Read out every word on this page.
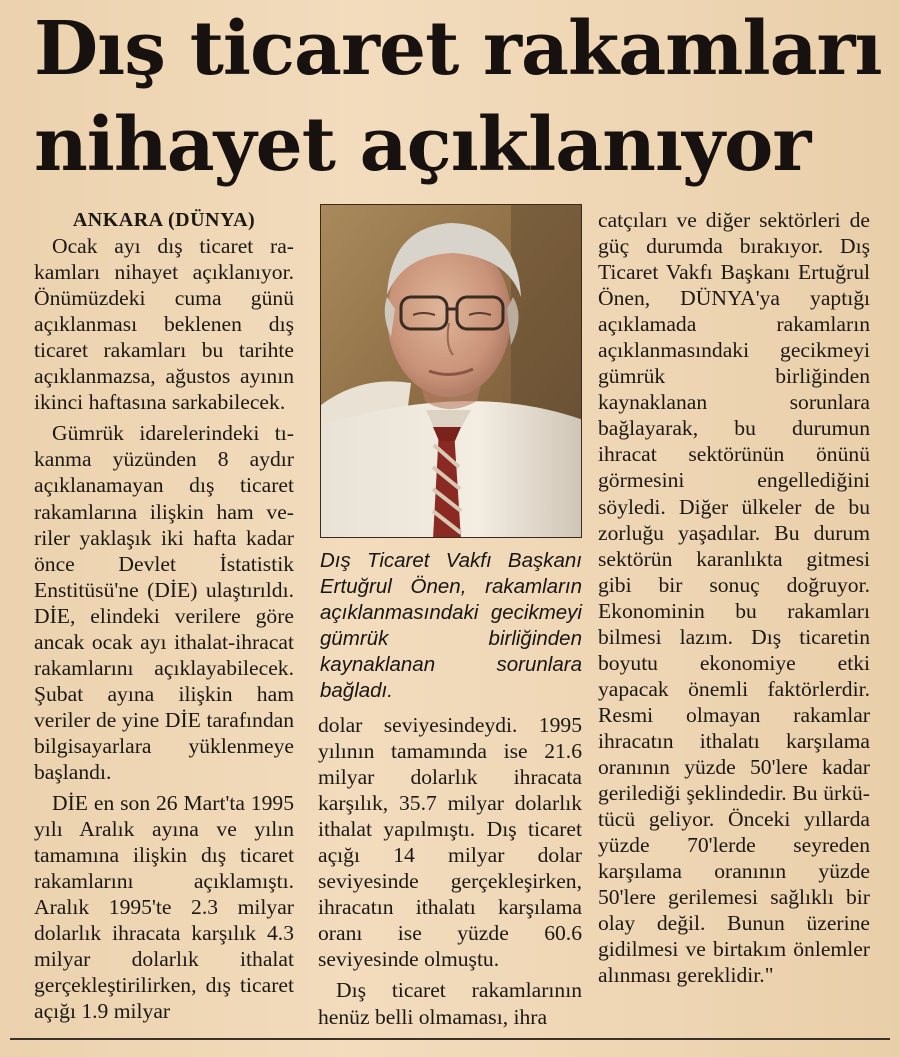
Dış ticaret rakamları
nihayet açıklanıyor

ANKARA (DÜNYA)

Ocak ayı dış ticaret rakamları nihayet açıklanıyor. Önümüzdeki cuma günü açıklanması beklenen dış ticaret rakamları bu tarihte açıklanmazsa, ağustos ayının ikinci haftasına sarkabilecek.

Gümrük idarelerindeki tıkanma yüzünden 8 aydır açıklanamayan dış ticaret rakamlarına ilişkin ham veriler yaklaşık iki hafta kadar önce Devlet İstatistik Enstitüsü'ne (DİE) ulaştırıldı. DİE, elindeki verilere göre ancak ocak ayı ithalat-ihracat rakamlarını açıklayabilecek. Şubat ayına ilişkin ham veriler de yine DİE tarafından bilgisayarlara yüklenmeye başlandı.

DİE en son 26 Mart'ta 1995 yılı Aralık ayına ve yılın tamamına ilişkin dış ticaret rakamlarını açıklamıştı. Aralık 1995'te 2.3 milyar dolarlık ihracata karşılık 4.3 milyar dolarlık ithalat gerçekleştirilirken, dış ticaret açığı 1.9 milyar

Dış Ticaret Vakfı Başkanı Ertuğrul Önen, rakamların açıklanmasındaki gecikmeyi gümrük birliğinden kaynaklanan sorunlara bağladı.

dolar seviyesindeydi. 1995 yılının tamamında ise 21.6 milyar dolarlık ihracata karşılık, 35.7 milyar dolarlık ithalat yapılmıştı. Dış ticaret açığı 14 milyar dolar seviyesinde gerçekleşirken, ihracatın ithalatı karşılama oranı ise yüzde 60.6 seviyesinde olmuştu.

Dış ticaret rakamlarının henüz belli olmaması, ihra

catçıları ve diğer sektörleri de güç durumda bırakıyor. Dış Ticaret Vakfı Başkanı Ertuğrul Önen, DÜNYA'ya yaptığı açıklamada rakamların açıklanmasındaki gecikmeyi gümrük birliğinden kaynaklanan sorunlara bağlayarak, bu durumun ihracat sektörünün önünü görmesini engellediğini söyledi. Diğer ülkeler de bu zorluğu yaşadılar. Bu durum sektörün karanlıkta gitmesi gibi bir sonuç doğruyor. Ekonominin bu rakamları bilmesi lazım. Dış ticaretin boyutu ekonomiye etki yapacak önemli faktörlerdir. Resmi olmayan rakamlar ihracatın ithalatı karşılama oranının yüzde 50'lere kadar gerilediği şeklindedir. Bu ürkütücü geliyor. Önceki yıllarda yüzde 70'lerde seyreden karşılama oranının yüzde 50'lere gerilemesi sağlıklı bir olay değil. Bunun üzerine gidilmesi ve birtakım önlemler alınması gereklidir."
